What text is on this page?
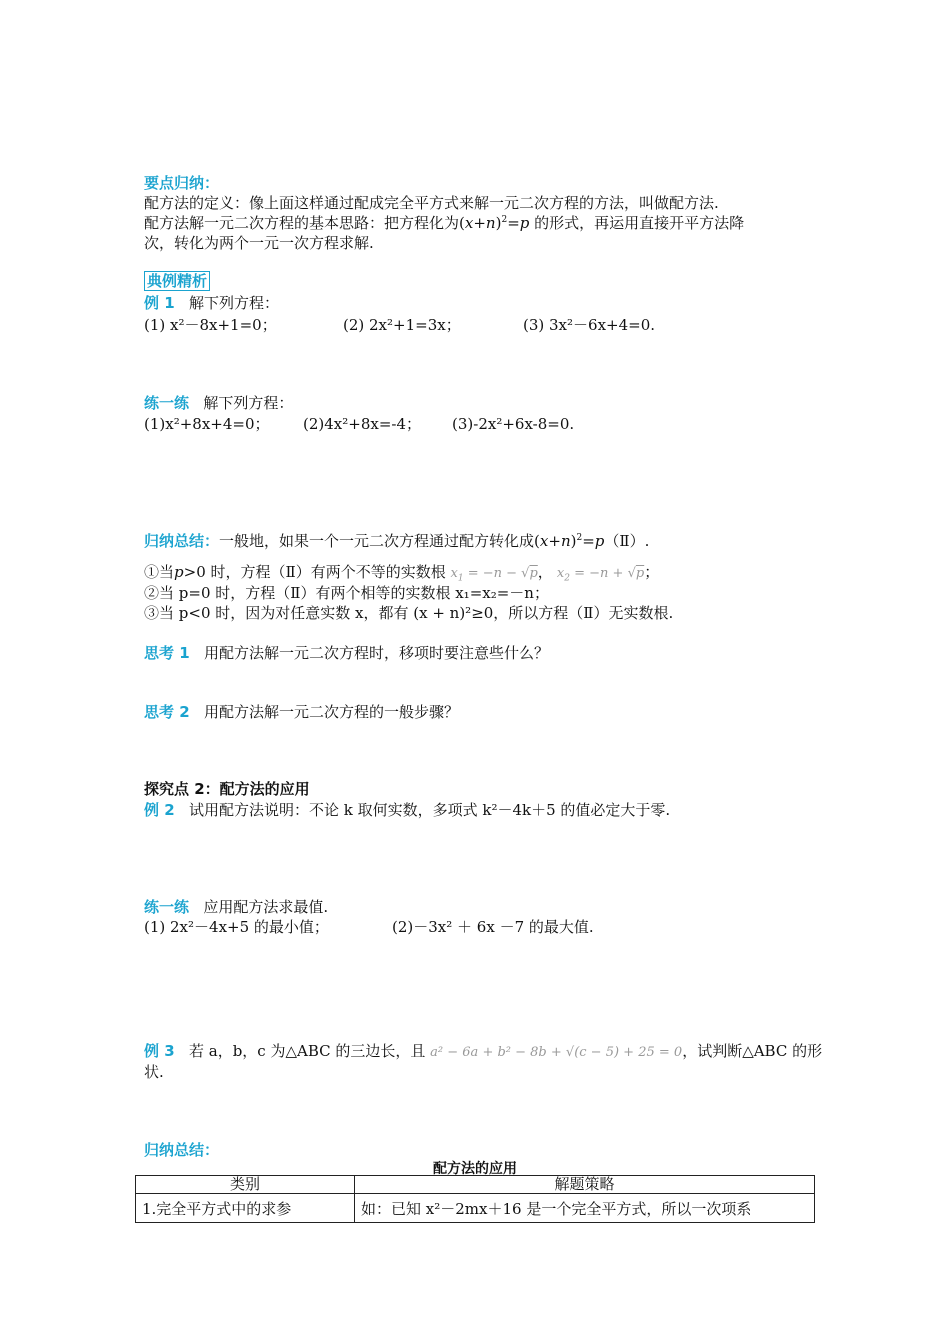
要点归纳：
配方法的定义：像上面这样通过配成完全平方式来解一元二次方程的方法，叫做配方法.
配方法解一元二次方程的基本思路：把方程化为$(x+n)^2=p$ 的形式，再运用直接开平方法降
次，转化为两个一元一次方程求解.
典例精析
例 1 解下列方程：
(1) x²－8x+1=0；	(2) 2x²+1=3x；	(3) 3x²－6x+4=0.
练一练 解下列方程：
(1)x²+8x+4=0； (2)4x²+8x=-4； (3)-2x²+6x-8=0.
归纳总结：一般地，如果一个一元二次方程通过配方转化成$(x+n)^2=p(Ⅱ)$.
①当p>0 时，方程（Ⅱ）有两个不等的实数根 $x_1 = -n - √p$， $x_2 = -n + √p$；
②当 p=0 时，方程（Ⅱ）有两个相等的实数根 x₁=x₂=－n；
③当 p<0 时，因为对任意实数 x，都有 (x + n)²≥0，所以方程（Ⅱ）无实数根.
思考 1 用配方法解一元二次方程时，移项时要注意些什么？
思考 2 用配方法解一元二次方程的一般步骤？
探究点 2：配方法的应用
例 2 试用配方法说明：不论 k 取何实数，多项式 k²－4k＋5 的值必定大于零.
练一练 应用配方法求最值.
(1) 2x²－4x+5 的最小值；	(2)－3x² ＋ 6x －7 的最大值.
例 3 若 a，b，c 为△ABC 的三边长，且 a² − 6a + b² − 8b + √(c − 5) + 25 = 0，试判断△ABC 的形
状.
归纳总结：
配方法的应用
类别	解题策略
1.完全平方式中的求参	如：已知 x²－2mx＋16 是一个完全平方式，所以一次项系
